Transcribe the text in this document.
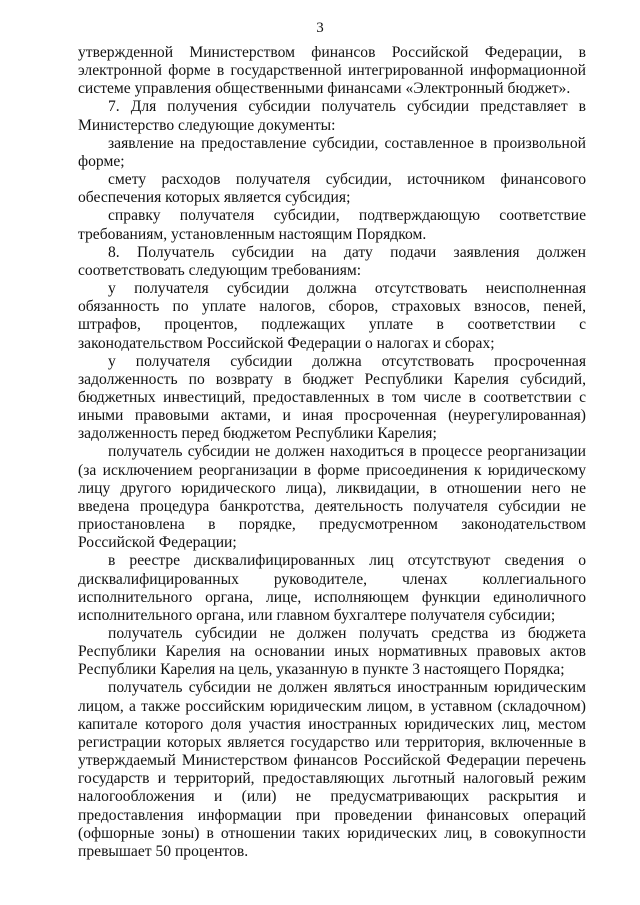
3

утвержденной Министерством финансов Российской Федерации, в электронной форме в государственной интегрированной информационной системе управления общественными финансами «Электронный бюджет».

7. Для получения субсидии получатель субсидии представляет в Министерство следующие документы:

заявление на предоставление субсидии, составленное в произвольной форме;

смету расходов получателя субсидии, источником финансового обеспечения которых является субсидия;

справку получателя субсидии, подтверждающую соответствие требованиям, установленным настоящим Порядком.

8. Получатель субсидии на дату подачи заявления должен соответствовать следующим требованиям:

у получателя субсидии должна отсутствовать неисполненная обязанность по уплате налогов, сборов, страховых взносов, пеней, штрафов, процентов, подлежащих уплате в соответствии с законодательством Российской Федерации о налогах и сборах;

у получателя субсидии должна отсутствовать просроченная задолженность по возврату в бюджет Республики Карелия субсидий, бюджетных инвестиций, предоставленных в том числе в соответствии с иными правовыми актами, и иная просроченная (неурегулированная) задолженность перед бюджетом Республики Карелия;

получатель субсидии не должен находиться в процессе реорганизации (за исключением реорганизации в форме присоединения к юридическому лицу другого юридического лица), ликвидации, в отношении него не введена процедура банкротства, деятельность получателя субсидии не приостановлена в порядке, предусмотренном законодательством Российской Федерации;

в реестре дисквалифицированных лиц отсутствуют сведения о дисквалифицированных руководителе, членах коллегиального исполнительного органа, лице, исполняющем функции единоличного исполнительного органа, или главном бухгалтере получателя субсидии;

получатель субсидии не должен получать средства из бюджета Республики Карелия на основании иных нормативных правовых актов Республики Карелия на цель, указанную в пункте 3 настоящего Порядка;

получатель субсидии не должен являться иностранным юридическим лицом, а также российским юридическим лицом, в уставном (складочном) капитале которого доля участия иностранных юридических лиц, местом регистрации которых является государство или территория, включенные в утверждаемый Министерством финансов Российской Федерации перечень государств и территорий, предоставляющих льготный налоговый режим налогообложения и (или) не предусматривающих раскрытия и предоставления информации при проведении финансовых операций (офшорные зоны) в отношении таких юридических лиц, в совокупности превышает 50 процентов.
